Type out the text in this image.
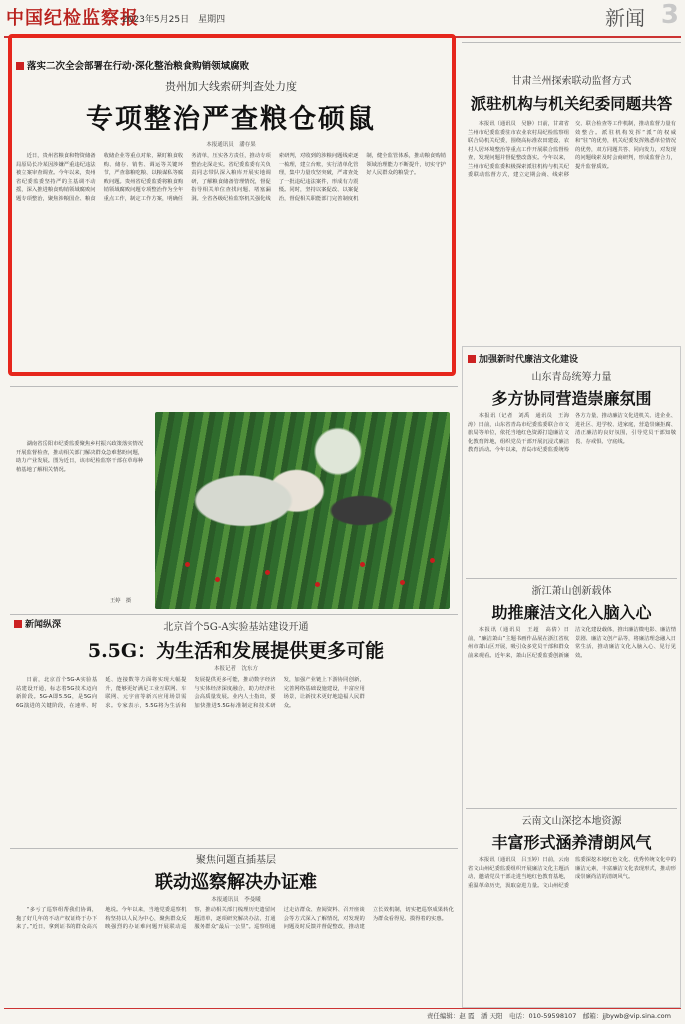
中国纪检监察报
2023年5月25日　星期四	新闻 3
落实二次全会部署在行动·深化整治粮食购销领域腐败
贵州加大线索研判查处力度
专项整治严查粮仓硕鼠
本报通讯员　潘存果
近日，贵州省粮食和物资储备局原局长冷某因涉嫌严重违纪违法被立案审查调查。今年以来，贵州省纪委监委坚持严的主基调不动摇，深入推进粮食购销领域腐败问题专项整治，聚焦涉粮国企、粮食收储企业等重点对象，紧盯粮食收购、储存、销售、调运等关键环节，严查靠粮吃粮、以粮谋私等腐败问题。贵州省纪委监委将粮食购销领域腐败问题专项整治作为全年重点工作，制定工作方案，明确任务清单，压实各方责任，推动专项整治走深走实。省纪委监委有关负责同志带队深入粮库开展实地调研，了解粮食储备管理情况，督促指导相关单位查找问题、堵塞漏洞。全省各级纪检监察机关强化线索研判，对收到的涉粮问题线索逐一梳理，建立台账，实行清单化管理，集中力量攻坚突破，严肃查处了一批违纪违法案件，形成有力震慑。同时，坚持以案促改、以案促治，督促相关职能部门完善制度机制，健全监管体系，推动粮食购销领域治理能力不断提升，切实守护好人民群众的粮袋子。
甘肃兰州探索联动监督方式
派驻机构与机关纪委同题共答
本报讯（通讯员　吴静）日前，甘肃省兰州市纪委监委驻市农业农村局纪检监察组联合局机关纪委，围绕高标准农田建设、农村人居环境整治等重点工作开展联合监督检查，发现问题并督促整改落实。今年以来，兰州市纪委监委积极探索派驻机构与机关纪委联动监督方式，建立定期会商、线索移交、联合检查等工作机制，推动监督力量有效整合。派驻机构发挥“派”的权威和“驻”的优势，机关纪委发挥熟悉单位情况的优势，双方同题共答、同向发力，对发现的问题线索及时会商研判，形成监督合力，提升监督质效。
湖南省岳阳市纪委监委聚焦乡村振兴政策落实情况开展监督检查，推动相关部门解决群众急难愁盼问题，助力产业发展。图为近日，该市纪检监察干部在草莓种植基地了解相关情况。
王婷　摄
新闻纵深	北京首个5G-A实验基站建设开通
5.5G：为生活和发展提供更多可能
本报记者　沈东方
日前，北京首个5G-A实验基站建设开通，标志着5G技术迈向新阶段。5G-A即5.5G，是5G向6G演进的关键阶段，在速率、时延、连接数等方面将实现大幅提升，能够更好满足工业互联网、车联网、元宇宙等新兴应用场景需求。专家表示，5.5G将为生活和发展提供更多可能，推动数字经济与实体经济深度融合，助力经济社会高质量发展。业内人士指出，要加快推进5.5G标准制定和技术研发，加强产业链上下游协同创新，完善网络基础设施建设，丰富应用场景，让新技术更好地造福人民群众。
聚焦问题直插基层
联动巡察解决办证难
本报通讯员　李曼曦
“多亏了巡察组帮我们协调，拖了好几年的不动产权证终于办下来了。”近日，拿到证书的群众高兴地说。今年以来，当地党委巡察机构坚持以人民为中心，聚焦群众反映强烈的办证难问题开展联动巡察，推动相关部门梳理历史遗留问题清单，逐项研究解决办法，打通服务群众“最后一公里”。巡察组通过走访群众、查阅资料、召开座谈会等方式深入了解情况，对发现的问题及时反馈并督促整改，推动建立长效机制，切实把巡察成果转化为群众看得见、摸得着的实惠。
加强新时代廉洁文化建设
山东青岛统筹力量
多方协同营造崇廉氛围
本报讯（记者　刘禹　通讯员　王海涛）日前，山东省青岛市纪委监委联合市文旅局等单位，依托当地红色资源打造廉洁文化教育阵地，组织党员干部开展沉浸式廉洁教育活动。今年以来，青岛市纪委监委统筹各方力量，推动廉洁文化进机关、进企业、进社区、进学校、进家庭，营造崇廉拒腐、清正廉洁的良好氛围，引导党员干部知敬畏、存戒惧、守底线。
浙江萧山创新载体
助推廉洁文化入脑入心
本报讯（通讯员　王超　高倩）日前，“廉洁萧山”主题书画作品展在浙江省杭州市萧山区开展，吸引众多党员干部和群众前来观看。近年来，萧山区纪委监委创新廉洁文化建设载体，推出廉洁微电影、廉洁情景剧、廉洁文创产品等，将廉洁理念融入日常生活，推动廉洁文化入脑入心、见行见效。
云南文山深挖本地资源
丰富形式涵养清朗风气
本报讯（通讯员　吕玉婷）日前，云南省文山州纪委监委组织开展廉洁文化主题活动，邀请党员干部走进当地红色教育基地，重温革命历史，汲取奋进力量。文山州纪委监委深挖本地红色文化、优秀传统文化中的廉洁元素，丰富廉洁文化表现形式，推动形成崇廉尚洁的清朗风气。
责任编辑：赵 霞　潘 天阳　电话：010-59598107　邮箱：jjbywb@vip.sina.com
